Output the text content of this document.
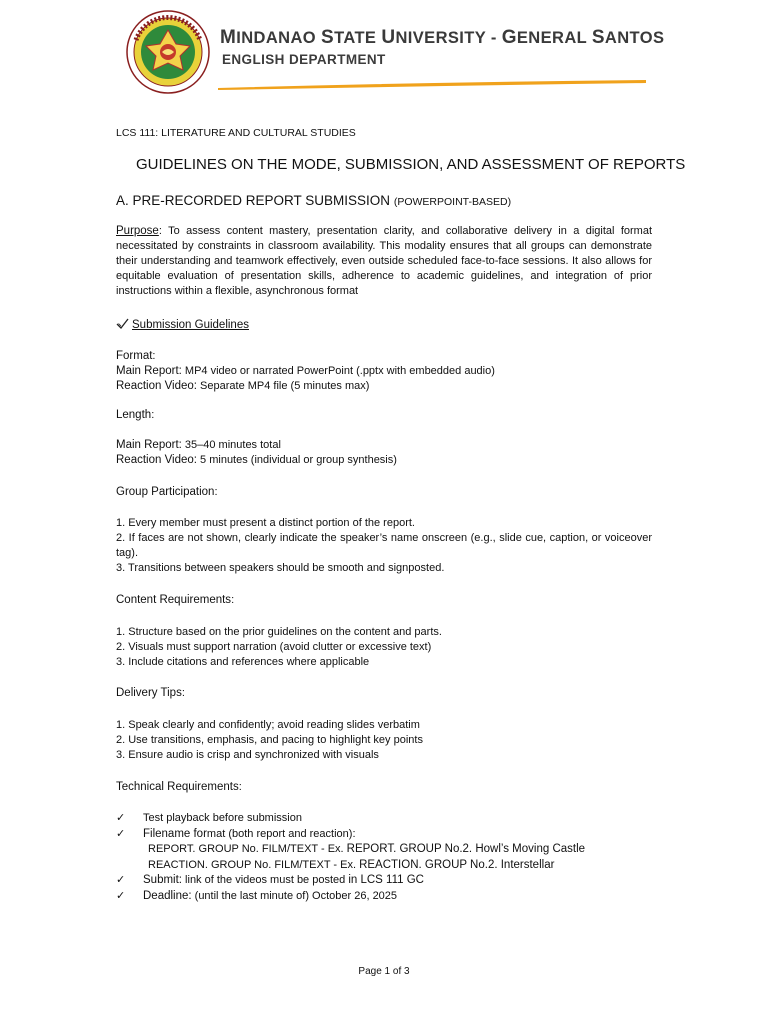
MINDANAO STATE UNIVERSITY - GENERAL SANTOS
ENGLISH DEPARTMENT
LCS 111: LITERATURE AND CULTURAL STUDIES
GUIDELINES ON THE MODE, SUBMISSION, AND ASSESSMENT OF REPORTS
A. PRE-RECORDED REPORT SUBMISSION (POWERPOINT-BASED)
Purpose: To assess content mastery, presentation clarity, and collaborative delivery in a digital format necessitated by constraints in classroom availability. This modality ensures that all groups can demonstrate their understanding and teamwork effectively, even outside scheduled face-to-face sessions. It also allows for equitable evaluation of presentation skills, adherence to academic guidelines, and integration of prior instructions within a flexible, asynchronous format
Submission Guidelines
Format:
Main Report: MP4 video or narrated PowerPoint (.pptx with embedded audio)
Reaction Video: Separate MP4 file (5 minutes max)
Length:
Main Report: 35–40 minutes total
Reaction Video: 5 minutes (individual or group synthesis)
Group Participation:
1. Every member must present a distinct portion of the report.
2. If faces are not shown, clearly indicate the speaker’s name onscreen (e.g., slide cue, caption, or voiceover tag).
3. Transitions between speakers should be smooth and signposted.
Content Requirements:
1. Structure based on the prior guidelines on the content and parts.
2. Visuals must support narration (avoid clutter or excessive text)
3. Include citations and references where applicable
Delivery Tips:
1. Speak clearly and confidently; avoid reading slides verbatim
2. Use transitions, emphasis, and pacing to highlight key points
3. Ensure audio is crisp and synchronized with visuals
Technical Requirements:
✓ Test playback before submission
✓ Filename format (both report and reaction):
REPORT. GROUP No. FILM/TEXT - Ex. REPORT. GROUP No.2. Howl’s Moving Castle
REACTION. GROUP No. FILM/TEXT - Ex. REACTION. GROUP No.2. Interstellar
✓ Submit: link of the videos must be posted in LCS 111 GC
✓ Deadline: (until the last minute of) October 26, 2025
Page 1 of 3
